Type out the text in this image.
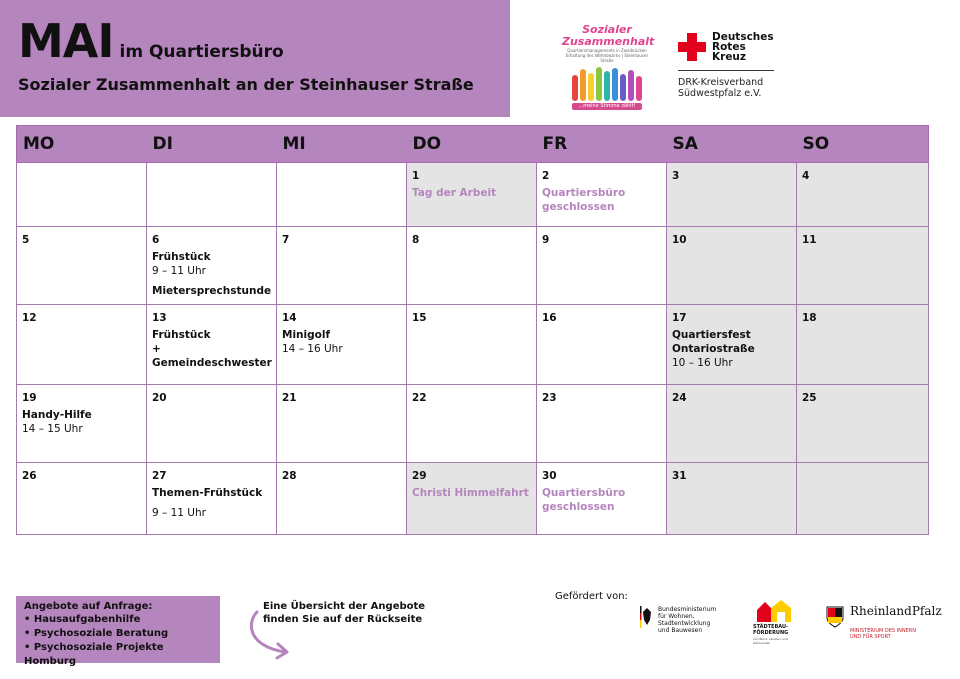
MAI im Quartiersbüro
Sozialer Zusammenhalt an der Steinhauser Straße
Sozialer
Zusammenhalt
Quartiersmanagements in Zweibrücken
Erhaltung des Wohnbezirks | Steinhauser Straße
...meine Stimme zählt!
Deutsches
Rotes
Kreuz
DRK-Kreisverband
Südwestpfalz e.V.
MO	DI	MI	DO	FR	SA	SO

			1
Tag der Arbeit	2
Quartiersbüro geschlossen	3	4

5	6
Frühstück
9 – 11 Uhr
Mietersprechstunde	7	8	9	10	11

12	13
Frühstück
+ Gemeindeschwester	14
Minigolf
14 – 16 Uhr	15	16	17
Quartiersfest
Ontariostraße
10 – 16 Uhr	18

19
Handy-Hilfe
14 – 15 Uhr	20	21	22	23	24	25

26	27
Themen-Frühstück
9 – 11 Uhr	28	29
Christi Himmelfahrt	30
Quartiersbüro geschlossen	31	

Angebote auf Anfrage:
• Hausaufgabenhilfe
• Psychosoziale Beratung
• Psychosoziale Projekte Homburg
Eine Übersicht der Angebote
finden Sie auf der Rückseite
Gefördert von:
Bundesministerium
für Wohnen, Stadtentwicklung
und Bauwesen	STÄDTEBAU-
FÖRDERUNG
von Bund, Ländern und
Gemeinden
RheinlandPfalz
MINISTERIUM DES INNERN
UND FÜR SPORT
